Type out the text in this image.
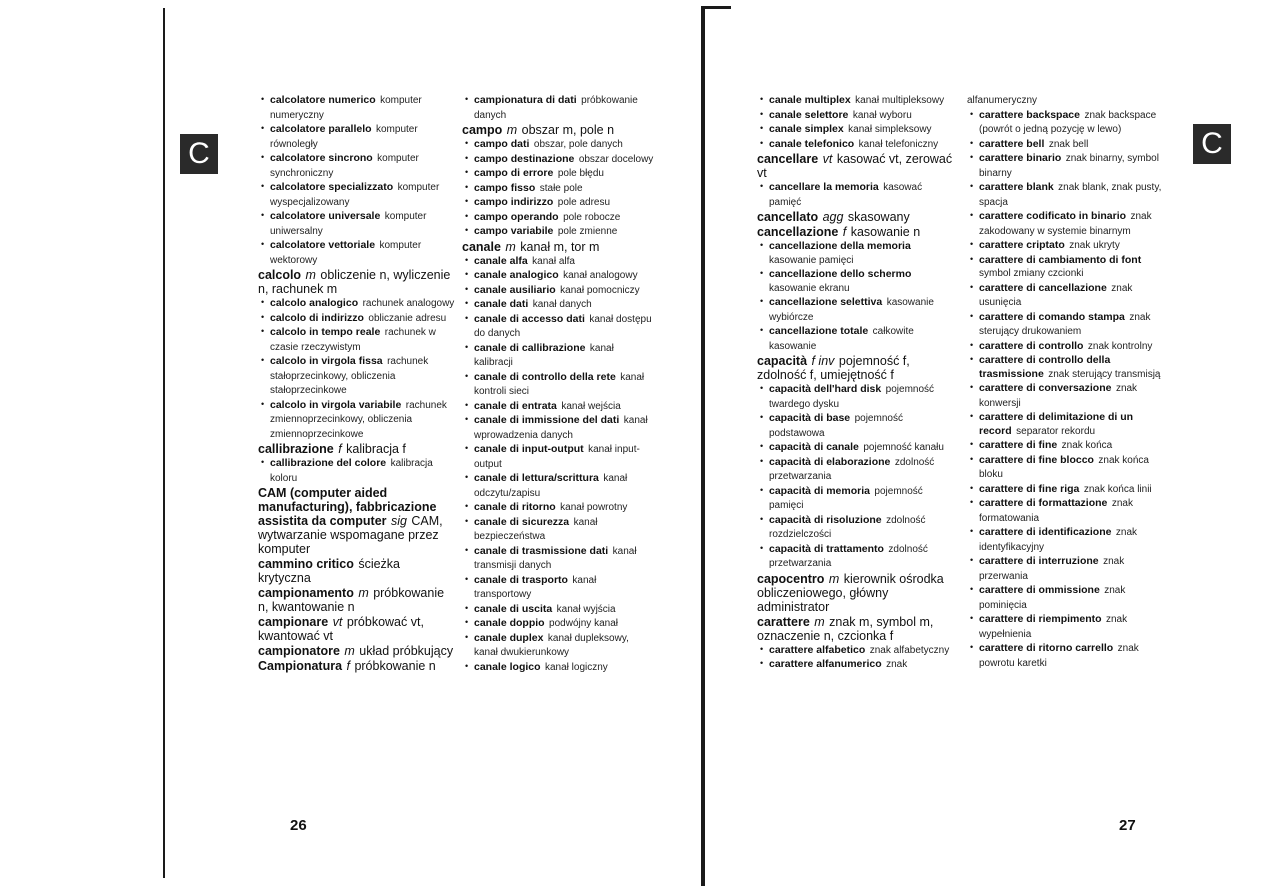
C
• calcolatore numerico komputer numeryczny
• calcolatore parallelo komputer równoległy
• calcolatore sincrono komputer synchroniczny
• calcolatore specializzato komputer wyspecjalizowany
• calcolatore universale komputer uniwersalny
• calcolatore vettoriale komputer wektorowy
calcolo m obliczenie n, wyliczenie n, rachunek m
• calcolo analogico rachunek analogowy
• calcolo di indirizzo obliczanie adresu
• calcolo in tempo reale rachunek w czasie rzeczywistym
• calcolo in virgola fissa rachunek stałoprzecinkowy, obliczenia stałoprzecinkowe
• calcolo in virgola variabile rachunek zmiennoprzecinkowy, obliczenia zmiennoprzecinkowe
callibrazione f kalibracja f
• callibrazione del colore kalibracja koloru
CAM (computer aided manufacturing), fabbricazione assistita da computer sig CAM, wytwarzanie wspomagane przez komputer
cammino critico ścieżka krytyczna
campionamento m próbkowanie n, kwantowanie n
campionare vt próbkować vt, kwantować vt
campionatore m układ próbkujący
Campionatura f próbkowanie n
• campionatura di dati próbkowanie danych
campo m obszar m, pole n
• campo dati obszar, pole danych
• campo destinazione obszar docelowy
• campo di errore pole błędu
• campo fisso stałe pole
• campo indirizzo pole adresu
• campo operando pole robocze
• campo variabile pole zmienne
canale m kanał m, tor m
• canale alfa kanał alfa
• canale analogico kanał analogowy
• canale ausiliario kanał pomocniczy
• canale dati kanał danych
• canale di accesso dati kanał dostępu do danych
• canale di callibrazione kanał kalibracji
• canale di controllo della rete kanał kontroli sieci
• canale di entrata kanał wejścia
• canale di immissione del dati kanał wprowadzenia danych
• canale di input-output kanał input-output
• canale di lettura/scrittura kanał odczytu/zapisu
• canale di ritorno kanał powrotny
• canale di sicurezza kanał bezpieczeństwa
• canale di trasmissione dati kanał transmisji danych
• canale di trasporto kanał transportowy
• canale di uscita kanał wyjścia
• canale doppio podwójny kanał
• canale duplex kanał dupleksowy, kanał dwukierunkowy
• canale logico kanał logiczny
26
C
• canale multiplex kanał multipleksowy
• canale selettore kanał wyboru
• canale simplex kanał simpleksowy
• canale telefonico kanał telefoniczny
cancellare vt kasować vt, zerować vt
• cancellare la memoria kasować pamięć
cancellato agg skasowany
cancellazione f kasowanie n
• cancellazione della memoria kasowanie pamięci
• cancellazione dello schermo kasowanie ekranu
• cancellazione selettiva kasowanie wybiórcze
• cancellazione totale całkowite kasowanie
capacità f inv pojemność f, zdolność f, umiejętność f
• capacità dell'hard disk pojemność twardego dysku
• capacità di base pojemność podstawowa
• capacità di canale pojemność kanału
• capacità di elaborazione zdolność przetwarzania
• capacità di memoria pojemność pamięci
• capacità di risoluzione zdolność rozdzielczości
• capacità di trattamento zdolność przetwarzania
capocentro m kierownik ośrodka obliczeniowego, główny administrator
carattere m znak m, symbol m, oznaczenie n, czcionka f
• carattere alfabetico znak alfabetyczny
• carattere alfanumerico znak
alfanumeryczny
• carattere backspace znak backspace (powrót o jedną pozycję w lewo)
• carattere bell znak bell
• carattere binario znak binarny, symbol binarny
• carattere blank znak blank, znak pusty, spacja
• carattere codificato in binario znak zakodowany w systemie binarnym
• carattere criptato znak ukryty
• carattere di cambiamento di font symbol zmiany czcionki
• carattere di cancellazione znak usunięcia
• carattere di comando stampa znak sterujący drukowaniem
• carattere di controllo znak kontrolny
• carattere di controllo della trasmissione znak sterujący transmisją
• carattere di conversazione znak konwersji
• carattere di delimitazione di un record separator rekordu
• carattere di fine znak końca
• carattere di fine blocco znak końca bloku
• carattere di fine riga znak końca linii
• carattere di formattazione znak formatowania
• carattere di identificazione znak identyfikacyjny
• carattere di interruzione znak przerwania
• carattere di ommissione znak pominięcia
• carattere di riempimento znak wypełnienia
• carattere di ritorno carrello znak powrotu karetki
27
